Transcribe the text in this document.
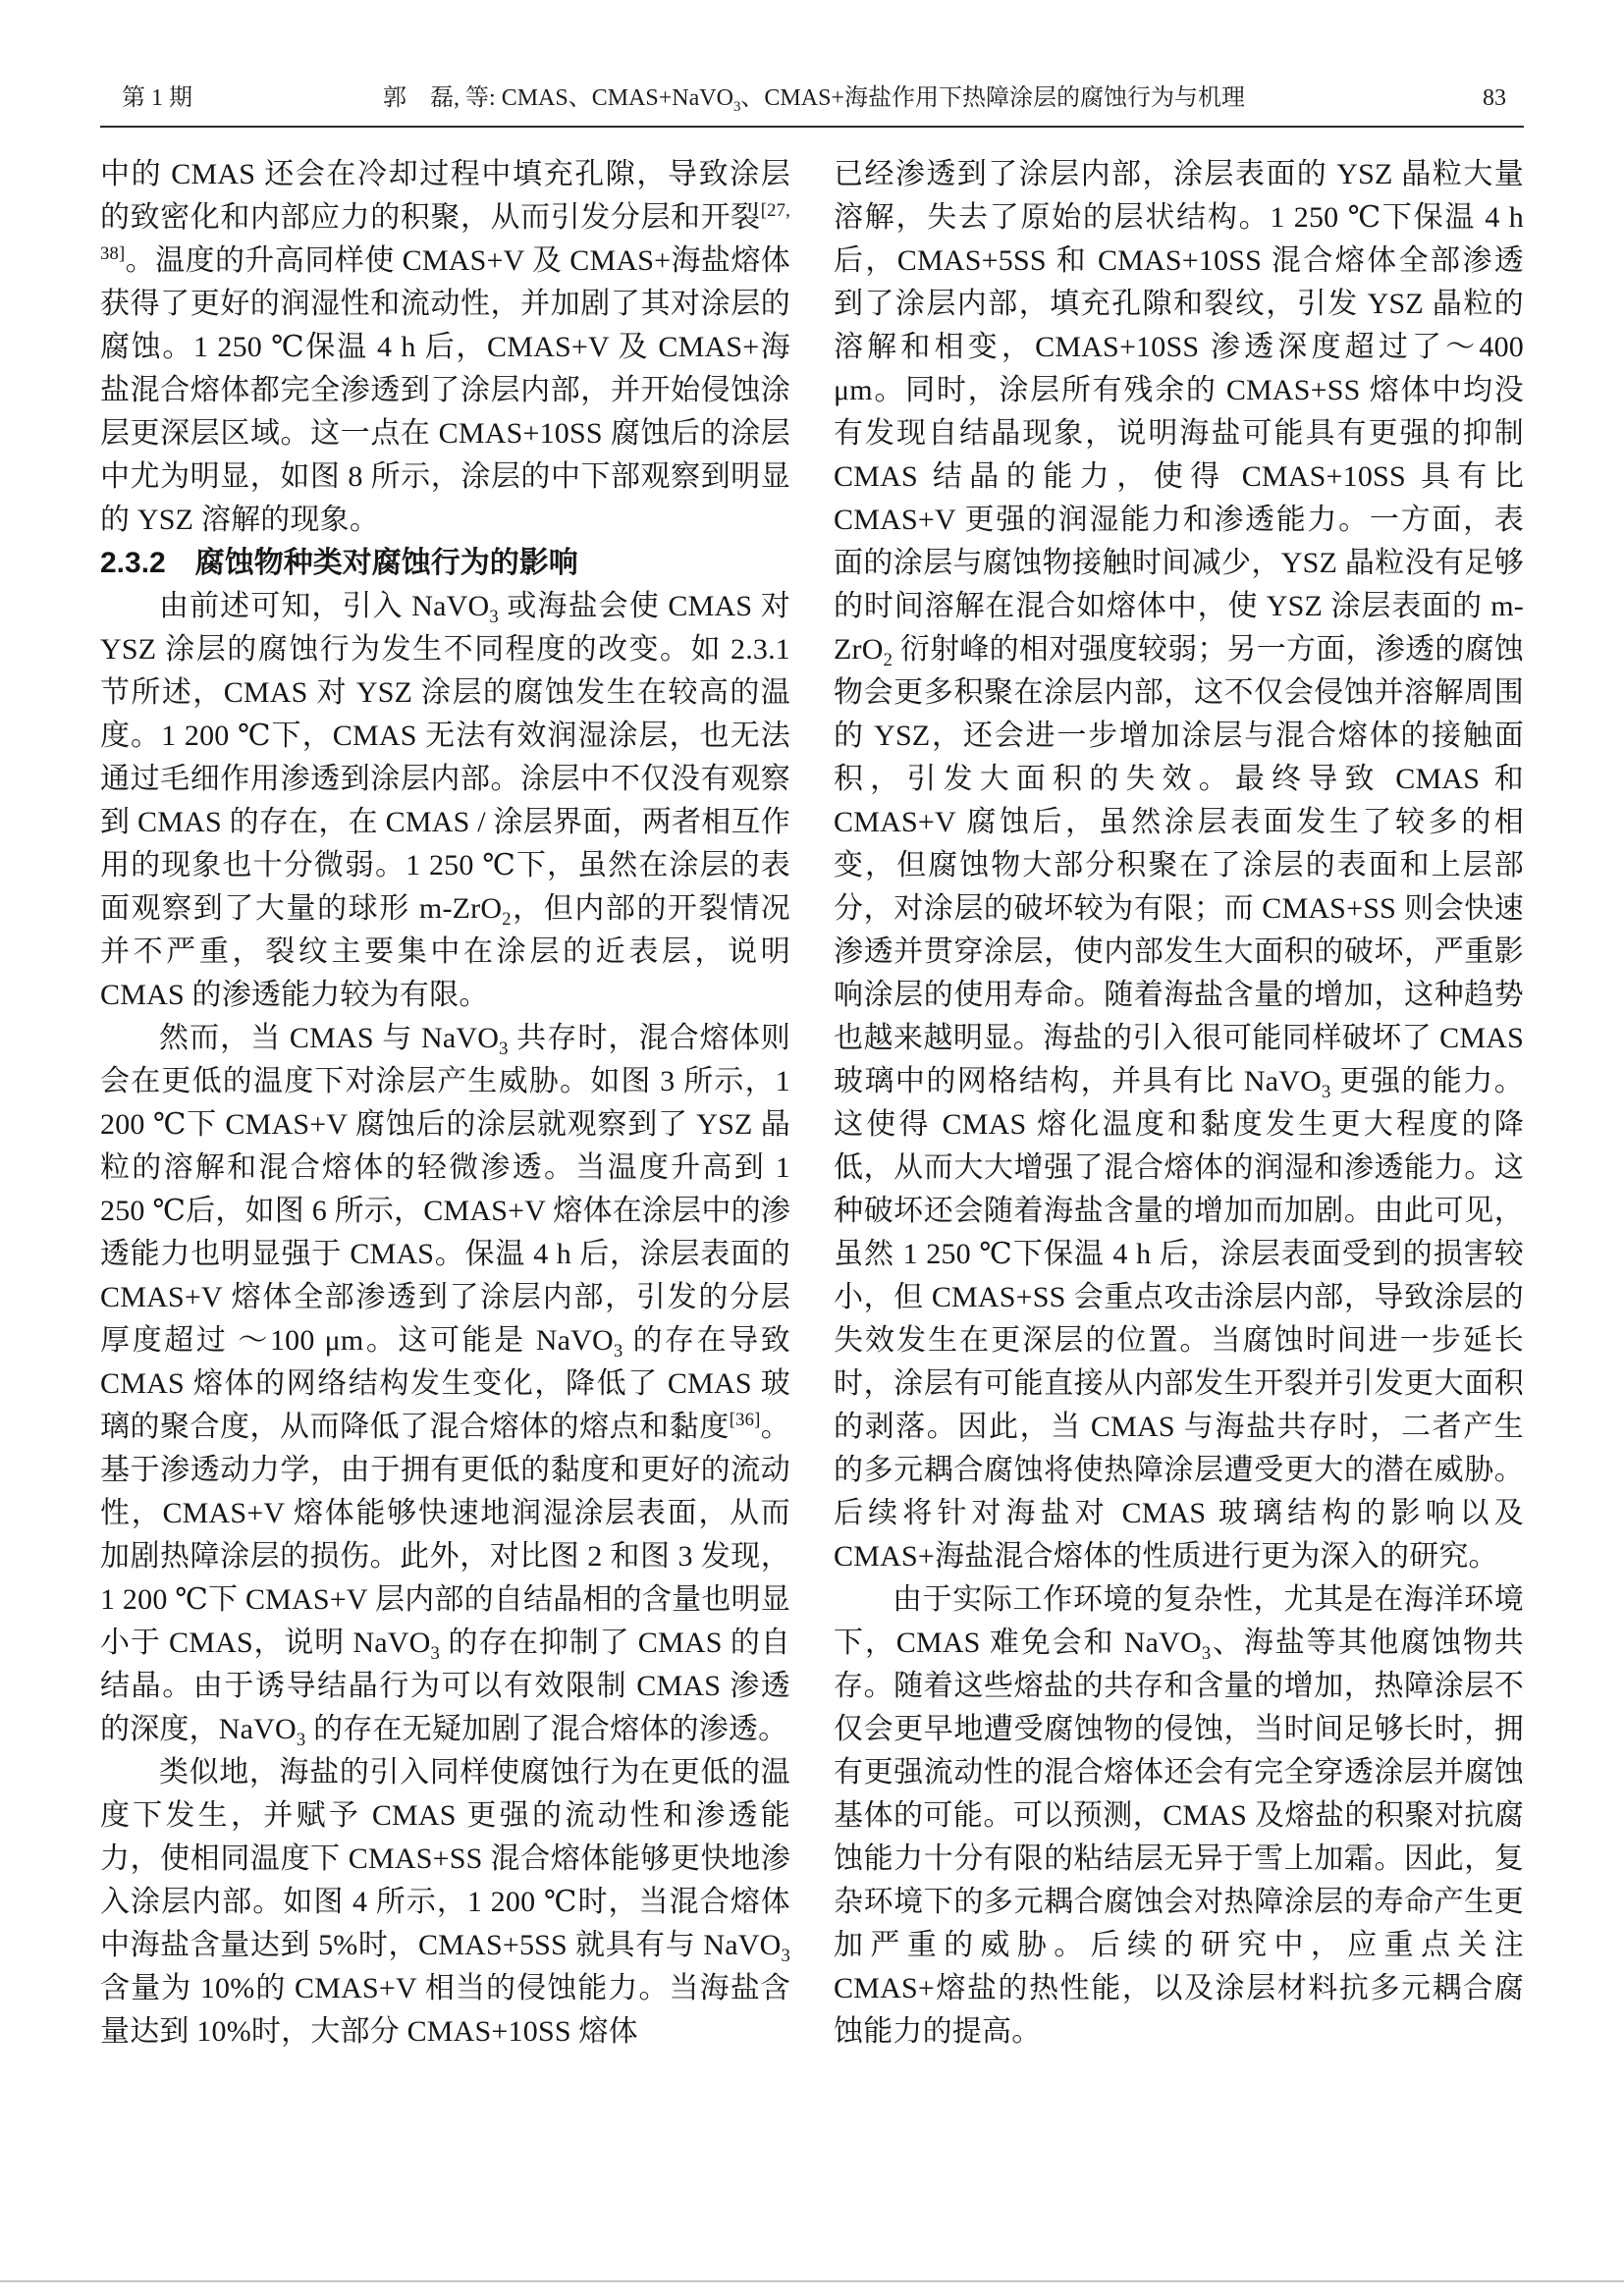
第 1 期	郭　磊, 等: CMAS、CMAS+NaVO$_3$、CMAS+海盐作用下热障涂层的腐蚀行为与机理	83

中的 CMAS 还会在冷却过程中填充孔隙，导致涂层的致密化和内部应力的积聚，从而引发分层和开裂[27, 38]。温度的升高同样使 CMAS+V 及 CMAS+海盐熔体获得了更好的润湿性和流动性，并加剧了其对涂层的腐蚀。1 250 ℃保温 4 h 后，CMAS+V 及 CMAS+海盐混合熔体都完全渗透到了涂层内部，并开始侵蚀涂层更深层区域。这一点在 CMAS+10SS 腐蚀后的涂层中尤为明显，如图 8 所示，涂层的中下部观察到明显的 YSZ 溶解的现象。

2.3.2　腐蚀物种类对腐蚀行为的影响

由前述可知，引入 NaVO$_3$ 或海盐会使 CMAS 对 YSZ 涂层的腐蚀行为发生不同程度的改变。如 2.3.1 节所述，CMAS 对 YSZ 涂层的腐蚀发生在较高的温度。1 200 ℃下，CMAS 无法有效润湿涂层，也无法通过毛细作用渗透到涂层内部。涂层中不仅没有观察到 CMAS 的存在，在 CMAS / 涂层界面，两者相互作用的现象也十分微弱。1 250 ℃下，虽然在涂层的表面观察到了大量的球形 m-ZrO$_2$，但内部的开裂情况并不严重，裂纹主要集中在涂层的近表层，说明 CMAS 的渗透能力较为有限。

然而，当 CMAS 与 NaVO$_3$ 共存时，混合熔体则会在更低的温度下对涂层产生威胁。如图 3 所示，1 200 ℃下 CMAS+V 腐蚀后的涂层就观察到了 YSZ 晶粒的溶解和混合熔体的轻微渗透。当温度升高到 1 250 ℃后，如图 6 所示，CMAS+V 熔体在涂层中的渗透能力也明显强于 CMAS。保温 4 h 后，涂层表面的 CMAS+V 熔体全部渗透到了涂层内部，引发的分层厚度超过 ～100 μm。这可能是 NaVO$_3$ 的存在导致 CMAS 熔体的网络结构发生变化，降低了 CMAS 玻璃的聚合度，从而降低了混合熔体的熔点和黏度[36]。基于渗透动力学，由于拥有更低的黏度和更好的流动性，CMAS+V 熔体能够快速地润湿涂层表面，从而加剧热障涂层的损伤。此外，对比图 2 和图 3 发现，1 200 ℃下 CMAS+V 层内部的自结晶相的含量也明显小于 CMAS，说明 NaVO$_3$ 的存在抑制了 CMAS 的自结晶。由于诱导结晶行为可以有效限制 CMAS 渗透的深度，NaVO$_3$ 的存在无疑加剧了混合熔体的渗透。

类似地，海盐的引入同样使腐蚀行为在更低的温度下发生，并赋予 CMAS 更强的流动性和渗透能力，使相同温度下 CMAS+SS 混合熔体能够更快地渗入涂层内部。如图 4 所示，1 200 ℃时，当混合熔体中海盐含量达到 5%时，CMAS+5SS 就具有与 NaVO$_3$ 含量为 10%的 CMAS+V 相当的侵蚀能力。当海盐含量达到 10%时，大部分 CMAS+10SS 熔体

已经渗透到了涂层内部，涂层表面的 YSZ 晶粒大量溶解，失去了原始的层状结构。1 250 ℃下保温 4 h 后，CMAS+5SS 和 CMAS+10SS 混合熔体全部渗透到了涂层内部，填充孔隙和裂纹，引发 YSZ 晶粒的溶解和相变，CMAS+10SS 渗透深度超过了～400 μm。同时，涂层所有残余的 CMAS+SS 熔体中均没有发现自结晶现象，说明海盐可能具有更强的抑制 CMAS 结晶的能力，使得 CMAS+10SS 具有比 CMAS+V 更强的润湿能力和渗透能力。一方面，表面的涂层与腐蚀物接触时间减少，YSZ 晶粒没有足够的时间溶解在混合如熔体中，使 YSZ 涂层表面的 m-ZrO$_2$ 衍射峰的相对强度较弱；另一方面，渗透的腐蚀物会更多积聚在涂层内部，这不仅会侵蚀并溶解周围的 YSZ，还会进一步增加涂层与混合熔体的接触面积，引发大面积的失效。最终导致 CMAS 和 CMAS+V 腐蚀后，虽然涂层表面发生了较多的相变，但腐蚀物大部分积聚在了涂层的表面和上层部分，对涂层的破坏较为有限；而 CMAS+SS 则会快速渗透并贯穿涂层，使内部发生大面积的破坏，严重影响涂层的使用寿命。随着海盐含量的增加，这种趋势也越来越明显。海盐的引入很可能同样破坏了 CMAS 玻璃中的网格结构，并具有比 NaVO$_3$ 更强的能力。这使得 CMAS 熔化温度和黏度发生更大程度的降低，从而大大增强了混合熔体的润湿和渗透能力。这种破坏还会随着海盐含量的增加而加剧。由此可见，虽然 1 250 ℃下保温 4 h 后，涂层表面受到的损害较小，但 CMAS+SS 会重点攻击涂层内部，导致涂层的失效发生在更深层的位置。当腐蚀时间进一步延长时，涂层有可能直接从内部发生开裂并引发更大面积的剥落。因此，当 CMAS 与海盐共存时，二者产生的多元耦合腐蚀将使热障涂层遭受更大的潜在威胁。后续将针对海盐对 CMAS 玻璃结构的影响以及 CMAS+海盐混合熔体的性质进行更为深入的研究。

由于实际工作环境的复杂性，尤其是在海洋环境下，CMAS 难免会和 NaVO$_3$、海盐等其他腐蚀物共存。随着这些熔盐的共存和含量的增加，热障涂层不仅会更早地遭受腐蚀物的侵蚀，当时间足够长时，拥有更强流动性的混合熔体还会有完全穿透涂层并腐蚀基体的可能。可以预测，CMAS 及熔盐的积聚对抗腐蚀能力十分有限的粘结层无异于雪上加霜。因此，复杂环境下的多元耦合腐蚀会对热障涂层的寿命产生更加严重的威胁。后续的研究中，应重点关注 CMAS+熔盐的热性能，以及涂层材料抗多元耦合腐蚀能力的提高。
